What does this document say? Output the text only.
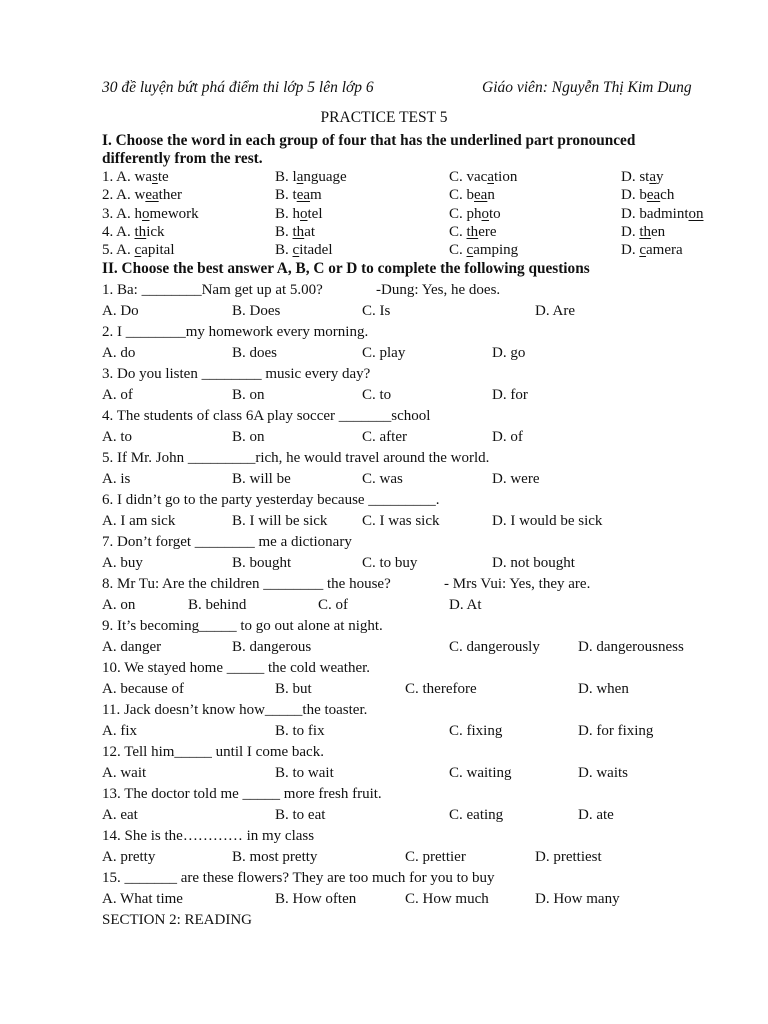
30 đề luyện bứt phá điểm thi lớp 5 lên lớp 6	Giáo viên: Nguyễn Thị Kim Dung
PRACTICE TEST 5
I. Choose the word in each group of four that has the underlined part pronounced
differently from the rest.
1. A. waste	B. language	C. vacation	D. stay
2. A. weather	B. team	C. bean	D. beach
3. A. homework	B. hotel	C. photo	D. badminton
4. A. thick	B. that	C. there	D. then
5. A. capital	B. citadel	C. camping	D. camera
II. Choose the best answer A, B, C or D to complete the following questions
1. Ba: ________Nam get up at 5.00?	-Dung: Yes, he does.
A. Do	B. Does	C. Is	D. Are
2. I ________my homework every morning.
A. do	B. does	C. play	D. go
3. Do you listen ________ music every day?
A. of	B. on	C. to	D. for
4. The students of class 6A play soccer _______school
A. to	B. on	C. after	D. of
5. If Mr. John _________rich, he would travel around the world.
A. is	B. will be	C. was	D. were
6. I didn’t go to the party yesterday because _________.
A. I am sick	B. I will be sick C. I was sick	D. I would be sick
7. Don’t forget ________ me a dictionary
A. buy	B. bought	C. to buy	D. not bought
8. Mr Tu: Are the children ________ the house?	- Mrs Vui: Yes, they are.
A. on	B. behind	C. of	D. At
9. It’s becoming_____ to go out alone at night.
A. danger	B. dangerous	C. dangerously	D. dangerousness
10. We stayed home _____ the cold weather.
A. because of	B. but	C. therefore	D. when
11. Jack doesn’t know how_____the toaster.
A. fix	B. to fix	C. fixing	D. for fixing
12. Tell him_____ until I come back.
A. wait	B. to wait	C. waiting	D. waits
13. The doctor told me _____ more fresh fruit.
A. eat	B. to eat	C. eating	D. ate
14. She is the………… in my class
A. pretty	B. most pretty	C. prettier	D. prettiest
15. _______ are these flowers? They are too much for you to buy
A. What time	B. How often	C. How much	D. How many
SECTION 2: READING
